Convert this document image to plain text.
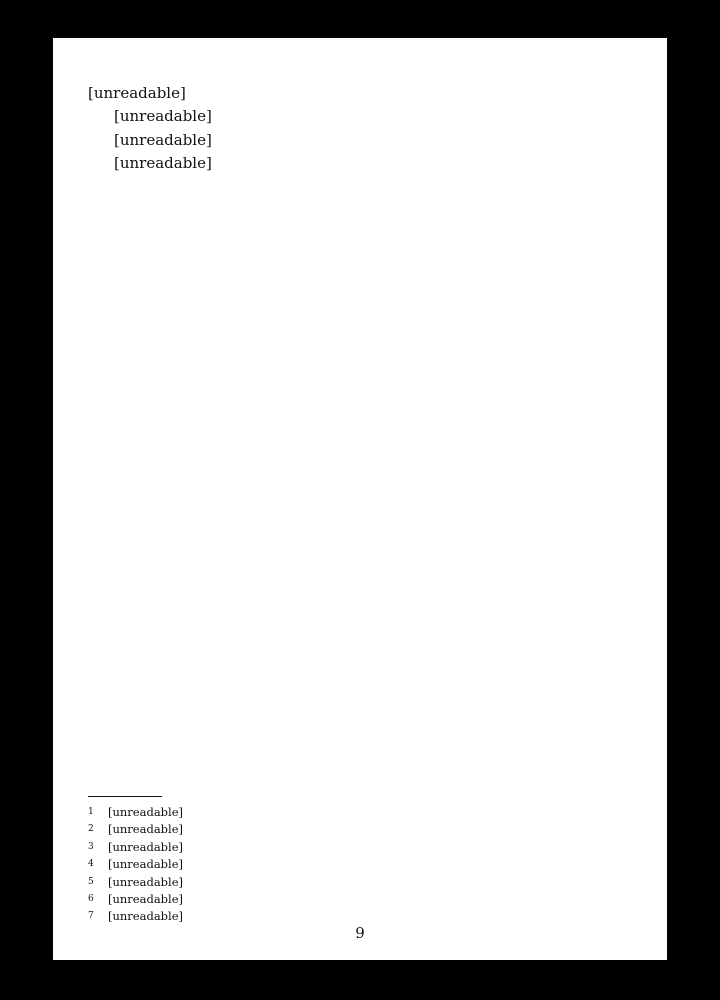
[unreadable]

[unreadable]

[unreadable]

[unreadable]

1 [unreadable]
2 [unreadable]
3 [unreadable]
4 [unreadable]
5 [unreadable]
6 [unreadable]
7 [unreadable]
9
